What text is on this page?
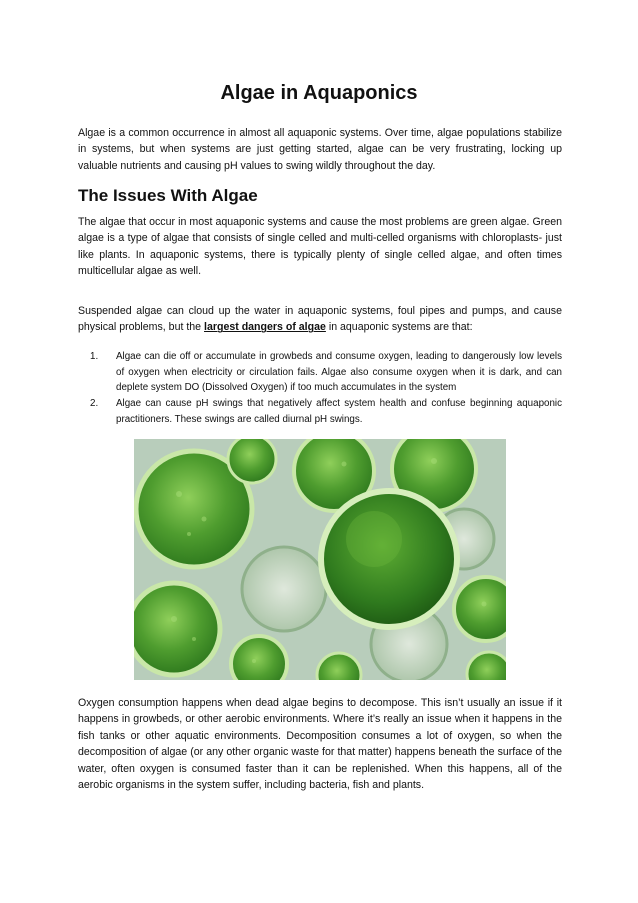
Algae in Aquaponics

Algae is a common occurrence in almost all aquaponic systems. Over time, algae populations stabilize in systems, but when systems are just getting started, algae can be very frustrating, locking up valuable nutrients and causing pH values to swing wildly throughout the day.

The Issues With Algae

The algae that occur in most aquaponic systems and cause the most problems are green algae. Green algae is a type of algae that consists of single celled and multi-celled organisms with chloroplasts- just like plants. In aquaponic systems, there is typically plenty of single celled algae, and often times multicellular algae as well.

Suspended algae can cloud up the water in aquaponic systems, foul pipes and pumps, and cause physical problems, but the largest dangers of algae in aquaponic systems are that:

1. Algae can die off or accumulate in growbeds and consume oxygen, leading to dangerously low levels of oxygen when electricity or circulation fails. Algae also consume oxygen when it is dark, and can deplete system DO (Dissolved Oxygen) if too much accumulates in the system
2. Algae can cause pH swings that negatively affect system health and confuse beginning aquaponic practitioners. These swings are called diurnal pH swings.

Oxygen consumption happens when dead algae begins to decompose. This isn’t usually an issue if it happens in growbeds, or other aerobic environments. Where it’s really an issue when it happens in the fish tanks or other aquatic environments. Decomposition consumes a lot of oxygen, so when the decomposition of algae (or any other organic waste for that matter) happens beneath the surface of the water, often oxygen is consumed faster than it can be replenished. When this happens, all of the aerobic organisms in the system suffer, including bacteria, fish and plants.
